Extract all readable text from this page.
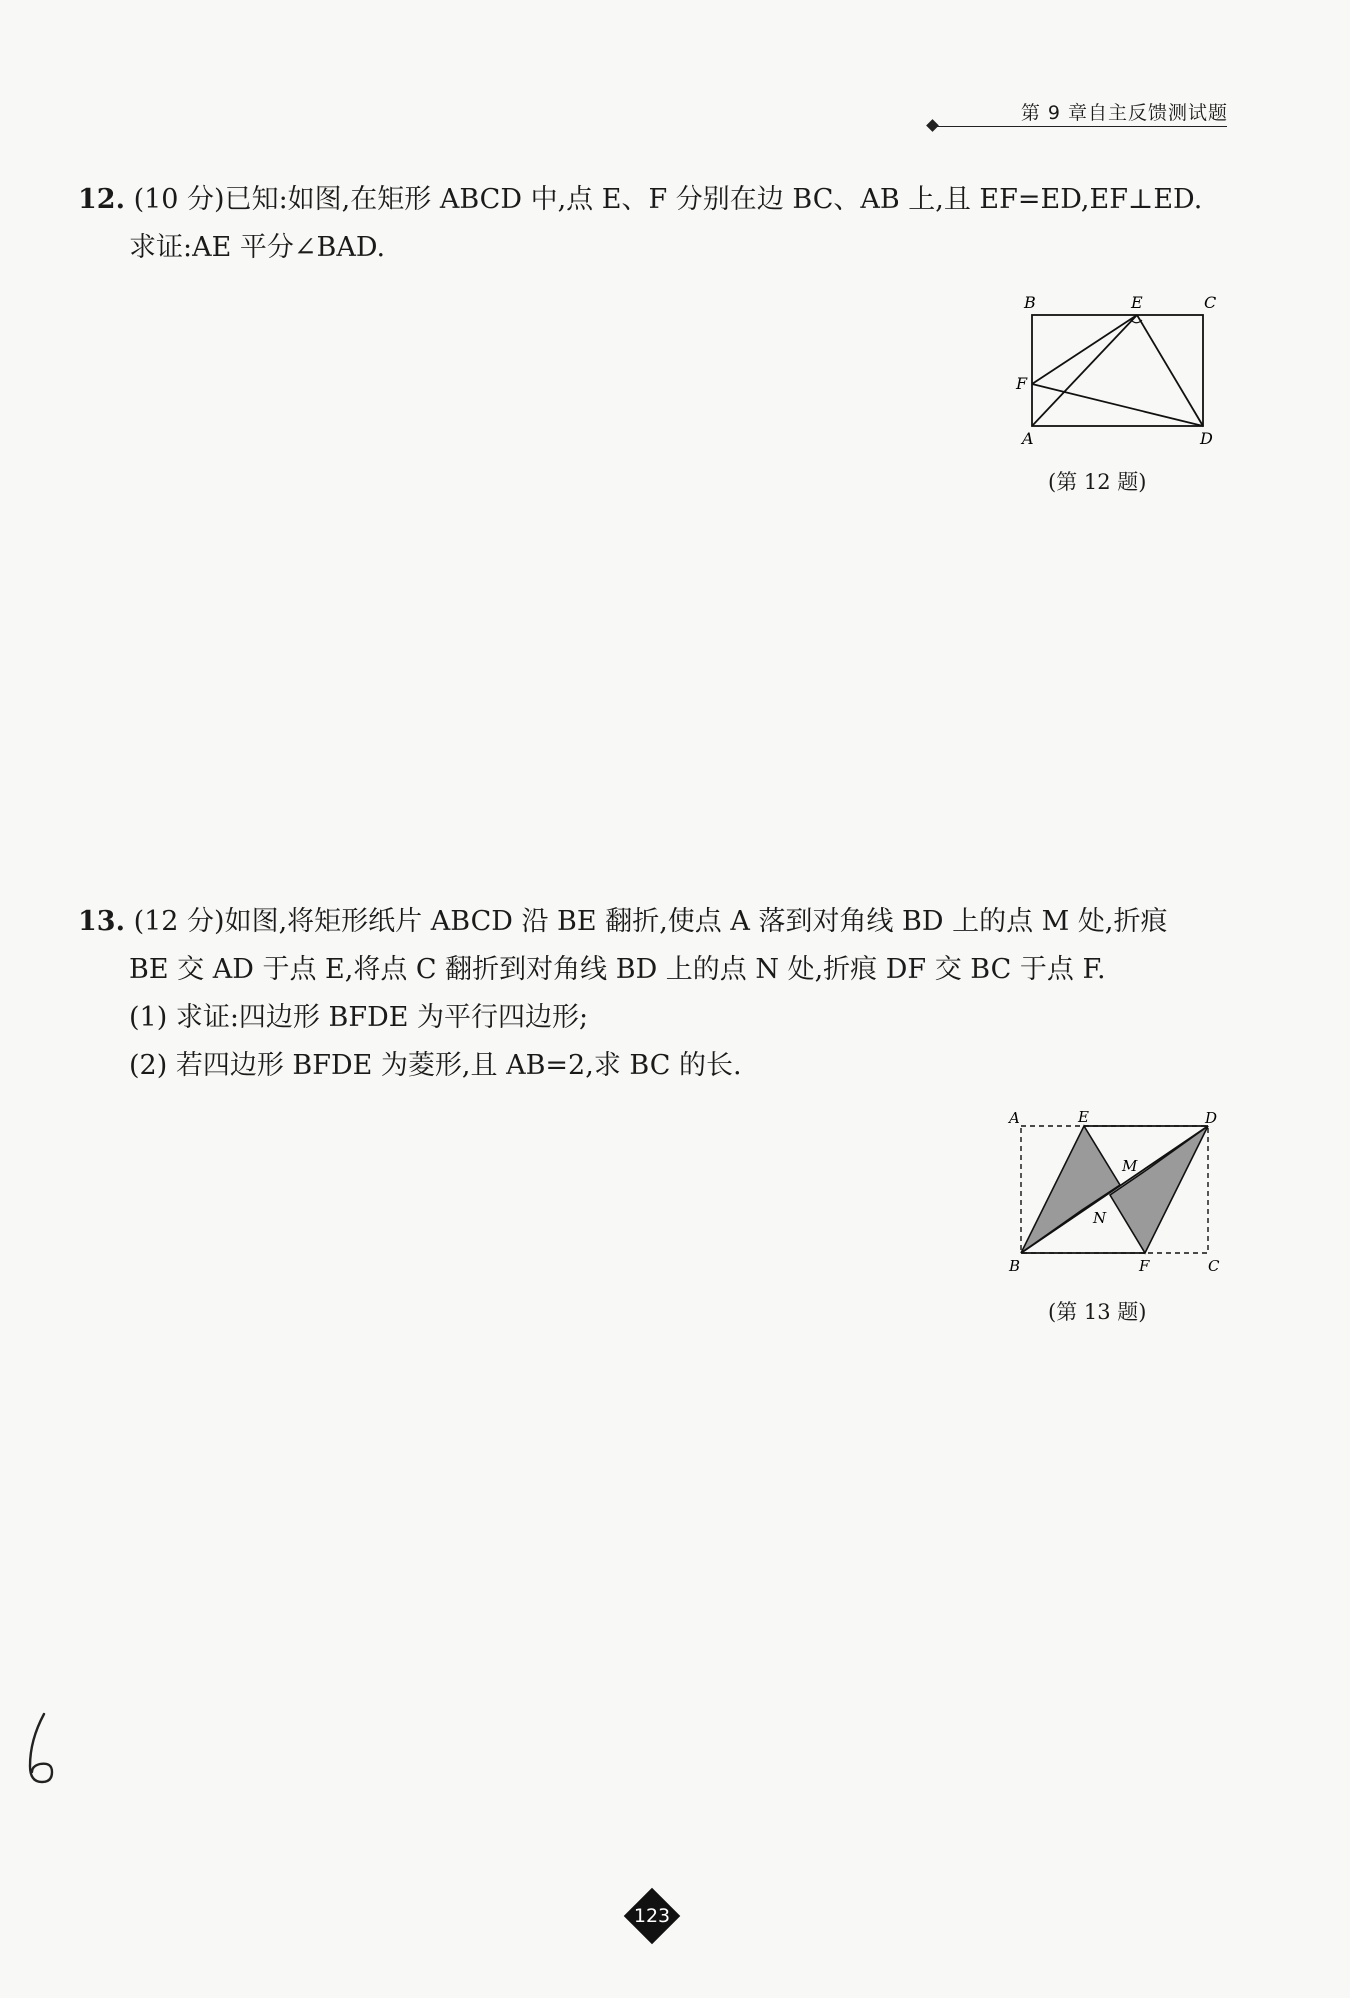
第 9 章自主反馈测试题
12. (10 分)已知:如图,在矩形 ABCD 中,点 E、F 分别在边 BC、AB 上,且 EF=ED,EF⊥ED.
求证:AE 平分∠BAD.
B	E	C
F
A	D
(第 12 题)
13. (12 分)如图,将矩形纸片 ABCD 沿 BE 翻折,使点 A 落到对角线 BD 上的点 M 处,折痕
BE 交 AD 于点 E,将点 C 翻折到对角线 BD 上的点 N 处,折痕 DF 交 BC 于点 F.
(1) 求证:四边形 BFDE 为平行四边形;
(2) 若四边形 BFDE 为菱形,且 AB=2,求 BC 的长.
A	E	D
M
N
B	F	C
(第 13 题)
123
